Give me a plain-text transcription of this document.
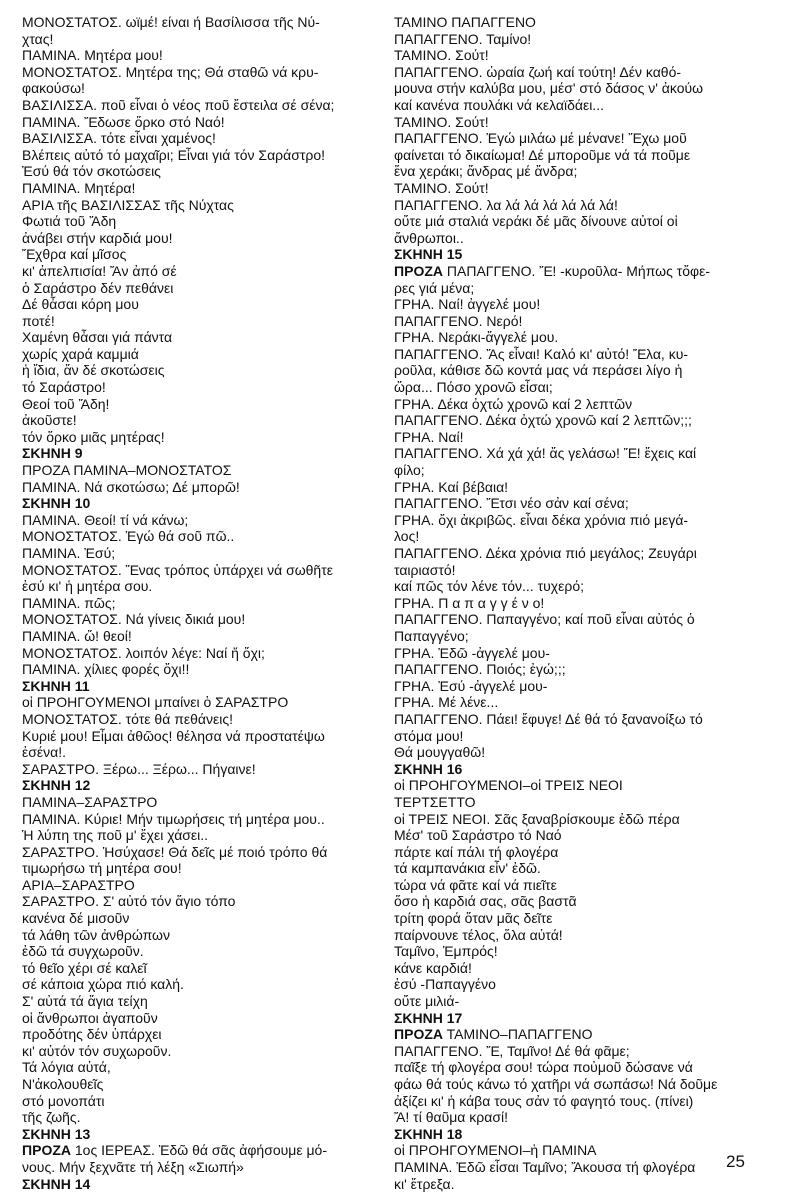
ΜΟΝΟΣΤΑΤΟΣ. ωϊμέ! είναι ή Βασίλισσα τῆς Νύ-
χτας!
ΠΑΜΙΝΑ. Μητέρα μου!
ΜΟΝΟΣΤΑΤΟΣ. Μητέρα της; Θά σταθῶ νά κρυ-
φακούσω!
ΒΑΣΙΛΙΣΣΑ. ποῦ εἶναι ὁ νέος ποῦ ἔστειλα σέ σένα;
ΠΑΜΙΝΑ. Ἔδωσε ὅρκο στό Ναό!
ΒΑΣΙΛΙΣΣΑ. τότε εἶναι χαμένος!
Βλέπεις αὐτό τό μαχαῖρι; Εἶναι γιά τόν Σαράστρο!
Ἐσύ θά τόν σκοτώσεις
ΠΑΜΙΝΑ. Μητέρα!
ΑΡΙΑ τῆς ΒΑΣΙΛΙΣΣΑΣ τῆς Νύχτας
Φωτιά τοῦ Ἄδη
ἀνάβει στήν καρδιά μου!
Ἔχθρα καί μῖσος
κι' ἀπελπισία! Ἄν ἀπό σέ
ὁ Σαράστρο δέν πεθάνει
Δέ θἆσαι κόρη μου
ποτέ!
Χαμένη θἆσαι γιά πάντα
χωρίς χαρά καμμιά
ἡ ἴδια, ἄν δέ σκοτώσεις
τό Σαράστρο!
Θεοί τοῦ Ἄδη!
ἀκοῦστε!
τόν ὅρκο μιᾶς μητέρας!
ΣΚΗΝΗ 9
ΠΡΟΖΑ ΠΑΜΙΝΑ–ΜΟΝΟΣΤΑΤΟΣ
ΠΑΜΙΝΑ. Νά σκοτώσω; Δέ μπορῶ!
ΣΚΗΝΗ 10
ΠΑΜΙΝΑ. Θεοί! τί νά κάνω;
ΜΟΝΟΣΤΑΤΟΣ. Ἐγώ θά σοῦ πῶ..
ΠΑΜΙΝΑ. Ἐσύ;
ΜΟΝΟΣΤΑΤΟΣ. Ἕνας τρόπος ὑπάρχει νά σωθῆτε
ἐσύ κι' ἡ μητέρα σου.
ΠΑΜΙΝΑ. πῶς;
ΜΟΝΟΣΤΑΤΟΣ. Νά γίνεις δικιά μου!
ΠΑΜΙΝΑ. ὤ! θεοί!
ΜΟΝΟΣΤΑΤΟΣ. λοιπόν λέγε: Ναί ἤ ὄχι;
ΠΑΜΙΝΑ. χίλιες φορές ὄχι!!
ΣΚΗΝΗ 11
οἱ ΠΡΟΗΓΟΥΜΕΝΟΙ μπαίνει ὁ ΣΑΡΑΣΤΡΟ
ΜΟΝΟΣΤΑΤΟΣ. τότε θά πεθάνεις!
Κυριέ μου! Εἶμαι ἀθῶος! θέλησα νά προστατέψω
ἐσένα!.
ΣΑΡΑΣΤΡΟ. Ξέρω... Ξέρω... Πήγαινε!
ΣΚΗΝΗ 12
ΠΑΜΙΝΑ–ΣΑΡΑΣΤΡΟ
ΠΑΜΙΝΑ. Κύριε! Μήν τιμωρήσεις τή μητέρα μου..
Ἡ λύπη της ποῦ μ' ἔχει χάσει..
ΣΑΡΑΣΤΡΟ. Ἡσύχασε! Θά δεῖς μέ ποιό τρόπο θά
τιμωρήσω τή μητέρα σου!
ΑΡΙΑ–ΣΑΡΑΣΤΡΟ
ΣΑΡΑΣΤΡΟ. Σ' αὐτό τόν ἅγιο τόπο
κανένα δέ μισοῦν
τά λάθη τῶν ἀνθρώπων
ἐδῶ τά συγχωροῦν.
τό θεῖο χέρι σέ καλεῖ
σέ κάποια χώρα πιό καλή.
Σ' αὐτά τά ἅγια τείχη
οἱ ἄνθρωποι ἀγαποῦν
προδότης δέν ὑπάρχει
κι' αὐτόν τόν συχωροῦν.
Τά λόγια αὐτά,
Ν'ἀκολουθεῖς
στό μονοπάτι
τῆς ζωῆς.
ΣΚΗΝΗ 13
ΠΡΟΖΑ 1ος ΙΕΡΕΑΣ. Ἐδῶ θά σᾶς ἀφήσουμε μό-
νους. Μήν ξεχνᾶτε τή λέξη «Σιωπή»
ΣΚΗΝΗ 14
ΤΑΜΙΝΟ ΠΑΠΑΓΓΕΝΟ
ΠΑΠΑΓΓΕΝΟ. Ταμίνο!
ΤΑΜΙΝΟ. Σούτ!
ΠΑΠΑΓΓΕΝΟ. ὡραία ζωή καί τούτη! Δέν καθό-
μουνα στήν καλύβα μου, μέσ' στό δάσος ν' ἀκούω
καί κανένα πουλάκι νά κελαϊδάει...
ΤΑΜΙΝΟ. Σούτ!
ΠΑΠΑΓΓΕΝΟ. Ἐγώ μιλάω μέ μένανε! Ἔχω μοῦ
φαίνεται τό δικαίωμα! Δέ μποροῦμε νά τά ποῦμε
ἕνα χεράκι; ἄνδρας μέ ἄνδρα;
ΤΑΜΙΝΟ. Σούτ!
ΠΑΠΑΓΓΕΝΟ. λα λά λά λά λά λά λά!
οὔτε μιά σταλιά νεράκι δέ μᾶς δίνουνε αὐτοί οἱ
ἄνθρωποι..
ΣΚΗΝΗ 15
ΠΡΟΖΑ ΠΑΠΑΓΓΕΝΟ. Ἔ! -κυροῦλα- Μήπως τὄφε-
ρες γιά μένα;
ΓΡΗΑ. Ναί! ἀγγελέ μου!
ΠΑΠΑΓΓΕΝΟ. Νερό!
ΓΡΗΑ. Νεράκι-ἄγγελέ μου.
ΠΑΠΑΓΓΕΝΟ. Ἄς εἶναι! Καλό κι' αὐτό! Ἔλα, κυ-
ροῦλα, κάθισε δῶ κοντά μας νά περάσει λίγο ἡ
ὥρα... Πόσο χρονῶ εἶσαι;
ΓΡΗΑ. Δέκα ὀχτώ χρονῶ καί 2 λεπτῶν
ΠΑΠΑΓΓΕΝΟ. Δέκα ὀχτώ χρονῶ καί 2 λεπτῶν;;;
ΓΡΗΑ. Ναί!
ΠΑΠΑΓΓΕΝΟ. Χά χά χά! ἄς γελάσω! Ἔ! ἔχεις καί
φίλο;
ΓΡΗΑ. Καί βέβαια!
ΠΑΠΑΓΓΕΝΟ. Ἔτσι νέο σἀν καί σένα;
ΓΡΗΑ. ὄχι ἀκριβῶς. εἶναι δέκα χρόνια πιό μεγά-
λος!
ΠΑΠΑΓΓΕΝΟ. Δέκα χρόνια πιό μεγάλος; Ζευγάρι
ταιριαστό!
καί πῶς τόν λένε τόν... τυχερό;
ΓΡΗΑ. Π α π α γ γ έ ν ο!
ΠΑΠΑΓΓΕΝΟ. Παπαγγένο; καί ποῦ εἶναι αὐτός ὁ
Παπαγγένο;
ΓΡΗΑ. Ἐδῶ -ἀγγελέ μου-
ΠΑΠΑΓΓΕΝΟ. Ποιός; ἐγώ;;;
ΓΡΗΑ. Ἐσύ -ἀγγελέ μου-
ΓΡΗΑ. Μέ λένε...
ΠΑΠΑΓΓΕΝΟ. Πάει! ἔφυγε! Δέ θά τό ξανανοίξω τό
στόμα μου!
Θά μουγγαθῶ!
ΣΚΗΝΗ 16
οἱ ΠΡΟΗΓΟΥΜΕΝΟΙ–οἱ ΤΡΕΙΣ ΝΕΟΙ
ΤΕΡΤΣΕΤΤΟ
οἱ ΤΡΕΙΣ ΝΕΟΙ. Σᾶς ξαναβρίσκουμε ἐδῶ πέρα
Μέσ' τοῦ Σαράστρο τό Ναό
πάρτε καί πάλι τή φλογέρα
τά καμπανάκια εἶν' ἐδῶ.
τώρα νά φᾶτε καί νά πιεῖτε
ὅσο ἡ καρδιά σας, σᾶς βαστᾶ
τρίτη φορά ὅταν μᾶς δεῖτε
παίρνουνε τέλος, ὅλα αὐτά!
Ταμῖνο, Ἐμπρός!
κάνε καρδιά!
ἐσύ -Παπαγγένο
οὔτε μιλιά-
ΣΚΗΝΗ 17
ΠΡΟΖΑ ΤΑΜΙΝΟ–ΠΑΠΑΓΓΕΝΟ
ΠΑΠΑΓΓΕΝΟ. Ἔ, Ταμῖνο! Δέ θά φᾶμε;
παῖξε τή φλογέρα σου! τώρα ποὐμοῦ δώσανε νά
φάω θά τούς κάνω τό χατῆρι νά σωπάσω! Νά δοῦμε
ἀξίζει κι' ἡ κάβα τους σἀν τό φαγητό τους. (πίνει)
Ἄ! τί θαῦμα κρασί!
ΣΚΗΝΗ 18
οἱ ΠΡΟΗΓΟΥΜΕΝΟΙ–ἡ ΠΑΜΙΝΑ
ΠΑΜΙΝΑ. Ἐδῶ εἶσαι Ταμῖνο; Ἄκουσα τή φλογέρα
κι' ἔτρεξα.
25
